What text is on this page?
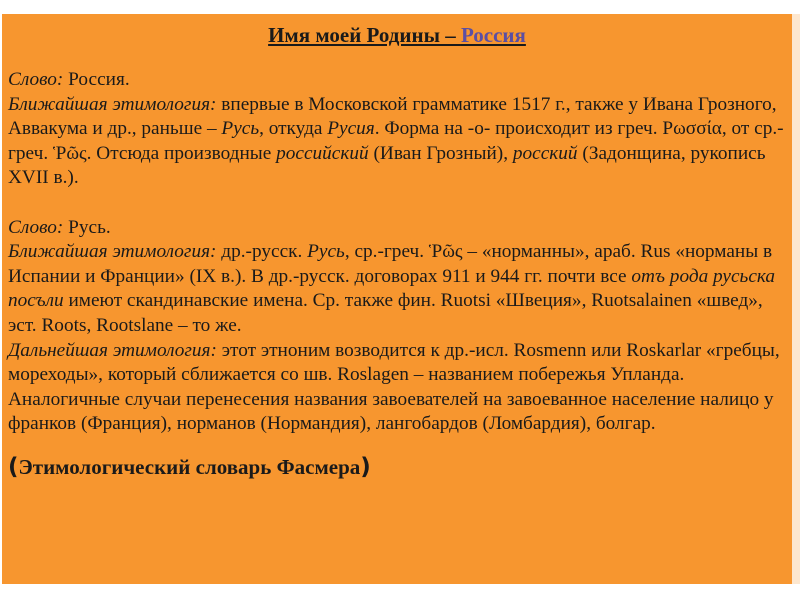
Имя моей Родины – Россия

Слово: Россия.
Ближайшая этимология: впервые в Московской грамматике 1517 г., также у Ивана Грозного, Аввакума и др., раньше – Русь, откуда Русия. Форма на -о- происходит из греч. Ρωσσία, от ср.-греч. Ῥῶς. Отсюда производные российский (Иван Грозный), росский (Задонщина, рукопись XVII в.).

Слово: Русь.
Ближайшая этимология: др.-русск. Русь, ср.-греч. Ῥῶς – «норманны», араб. Rus «норманы в Испании и Франции» (IX в.). В др.-русск. договорах 911 и 944 гг. почти все отъ рода русьска посъли имеют скандинавские имена. Ср. также фин. Ruotsi «Швеция», Ruotsalainen «швед», эст. Roots, Rootslane – то же.
Дальнейшая этимология: этот этноним возводится к др.-исл. Rosmenn или Roskarlar «гребцы, мореходы», который сближается со шв. Roslagen – названием побережья Упланда. Аналогичные случаи перенесения названия завоевателей на завоеванное население налицо у франков (Франция), норманов (Нормандия), лангобардов (Ломбардия), болгар.

(Этимологический словарь Фасмера)
